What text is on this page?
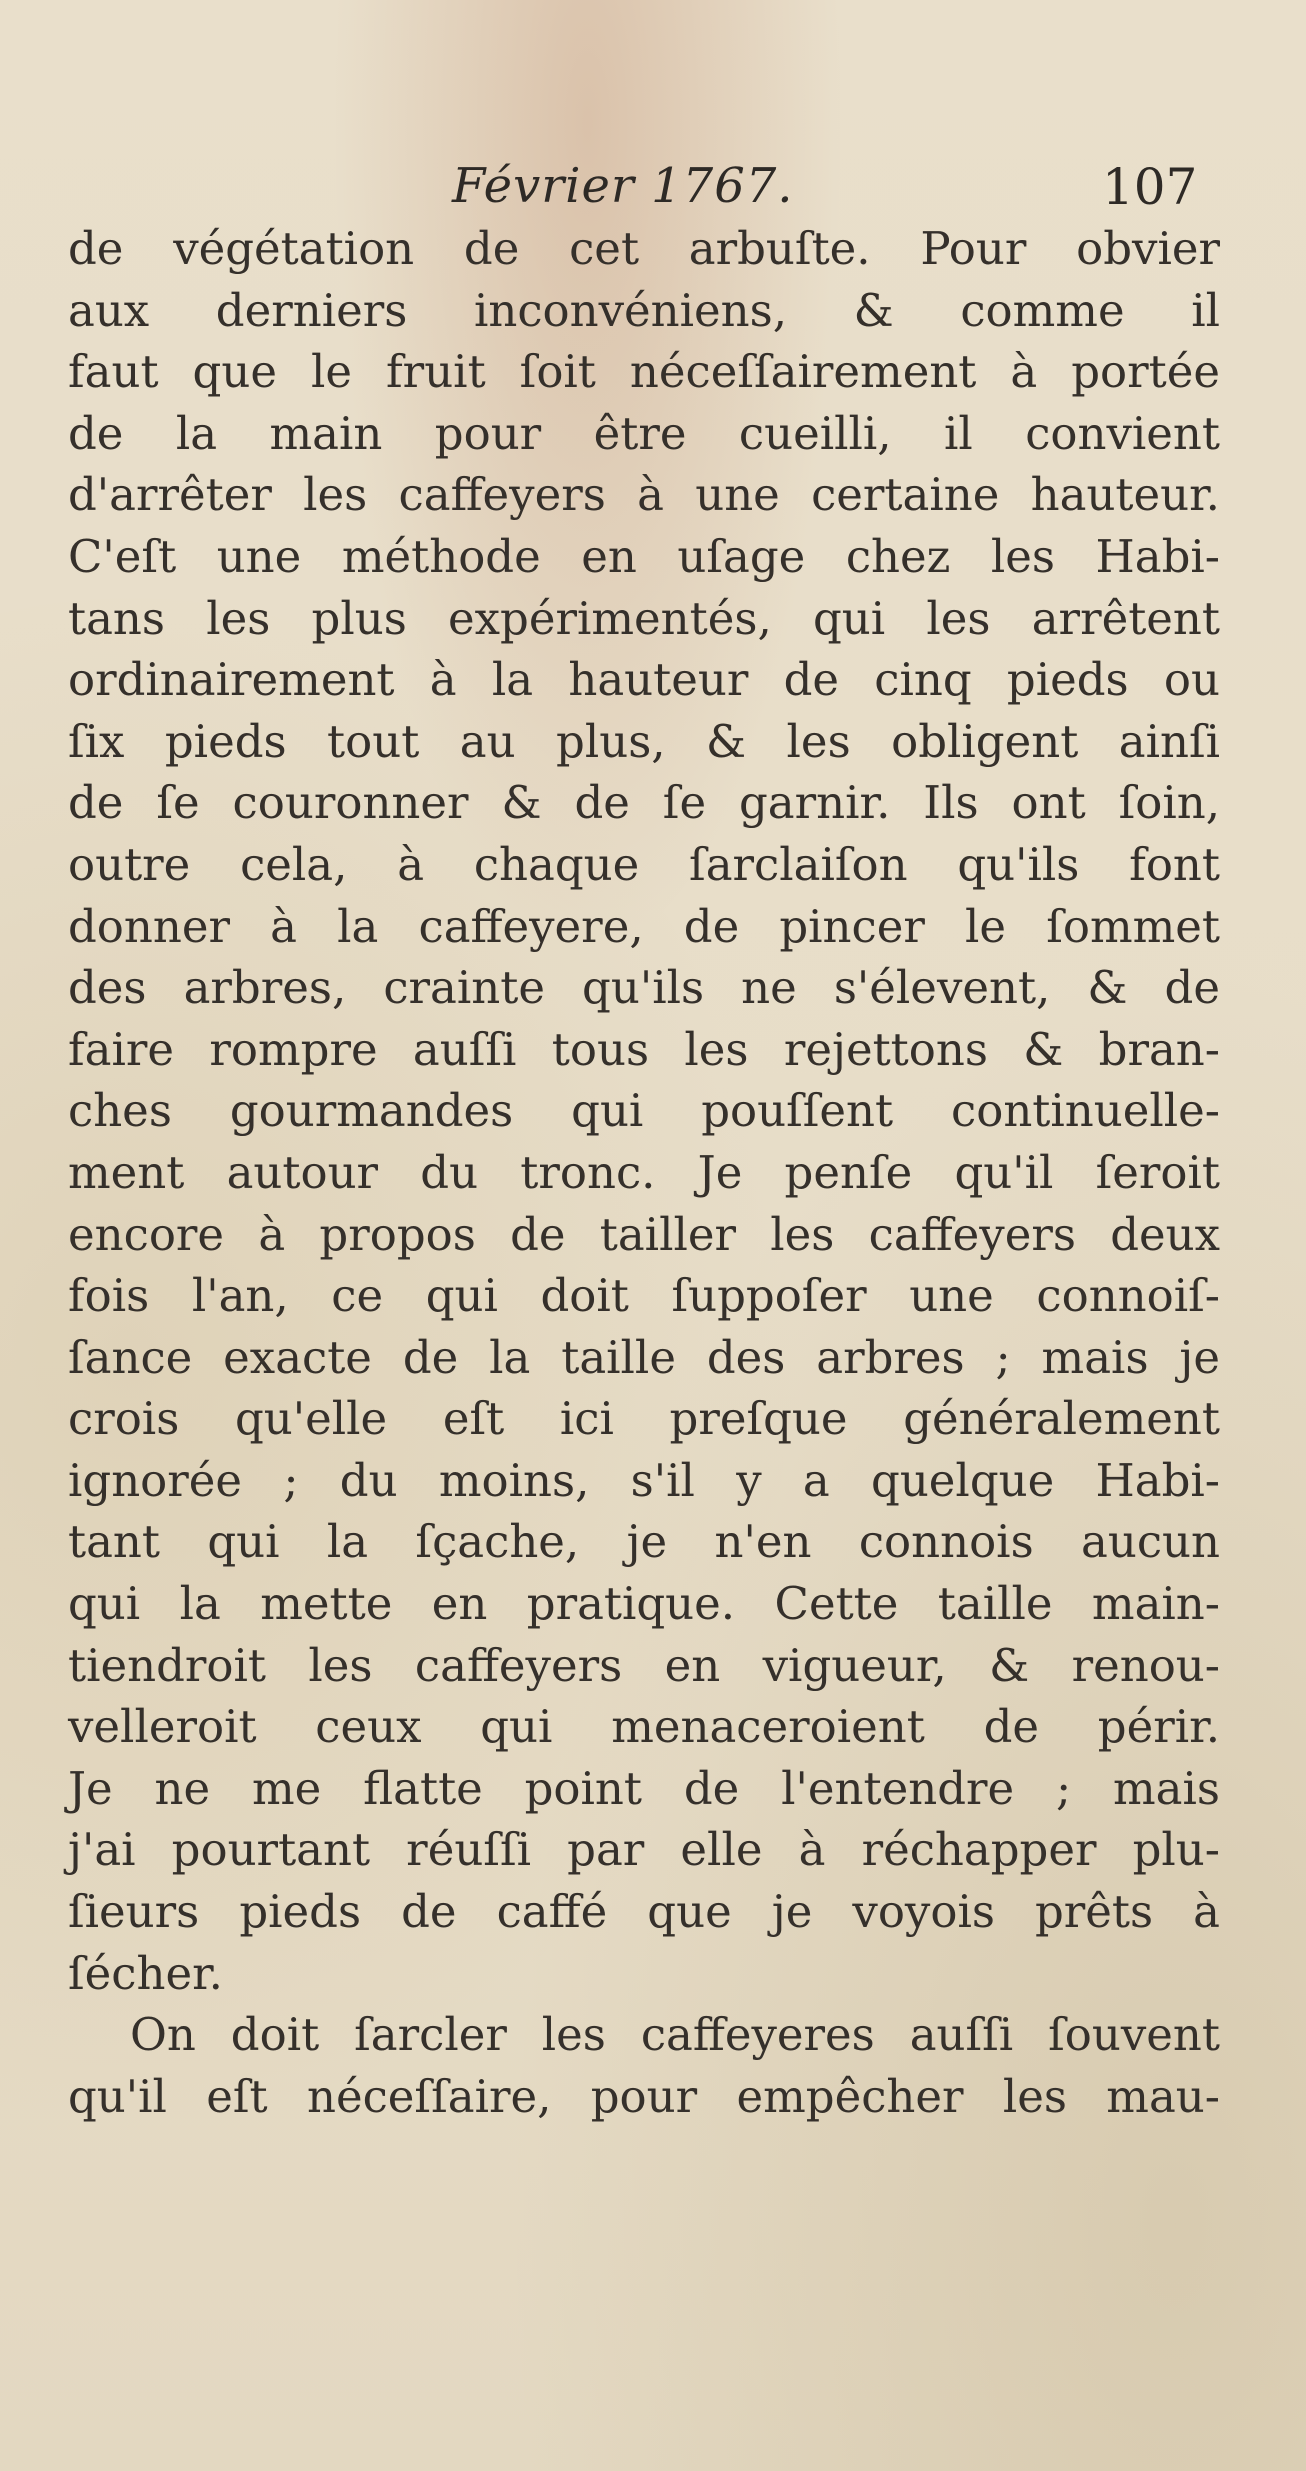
Février 1767.	107
de végétation de cet arbuſte. Pour obvier
aux derniers inconvéniens, & comme il
faut que le fruit ſoit néceſſairement à portée
de la main pour être cueilli, il convient
d'arrêter les caffeyers à une certaine hauteur.
C'eſt une méthode en uſage chez les Habi-
tans les plus expérimentés, qui les arrêtent
ordinairement à la hauteur de cinq pieds ou
ſix pieds tout au plus, & les obligent ainſi
de ſe couronner & de ſe garnir. Ils ont ſoin,
outre cela, à chaque ſarclaiſon qu'ils font
donner à la caffeyere, de pincer le ſommet
des arbres, crainte qu'ils ne s'élevent, & de
faire rompre auſſi tous les rejettons & bran-
ches gourmandes qui pouſſent continuelle-
ment autour du tronc. Je penſe qu'il ſeroit
encore à propos de tailler les caffeyers deux
fois l'an, ce qui doit ſuppoſer une connoiſ-
ſance exacte de la taille des arbres ; mais je
crois qu'elle eſt ici preſque généralement
ignorée ; du moins, s'il y a quelque Habi-
tant qui la ſçache, je n'en connois aucun
qui la mette en pratique. Cette taille main-
tiendroit les caffeyers en vigueur, & renou-
velleroit ceux qui menaceroient de périr.
Je ne me flatte point de l'entendre ; mais
j'ai pourtant réuſſi par elle à réchapper plu-
ſieurs pieds de caffé que je voyois prêts à
ſécher.
On doit ſarcler les caffeyeres auſſi ſouvent
qu'il eſt néceſſaire, pour empêcher les mau-
